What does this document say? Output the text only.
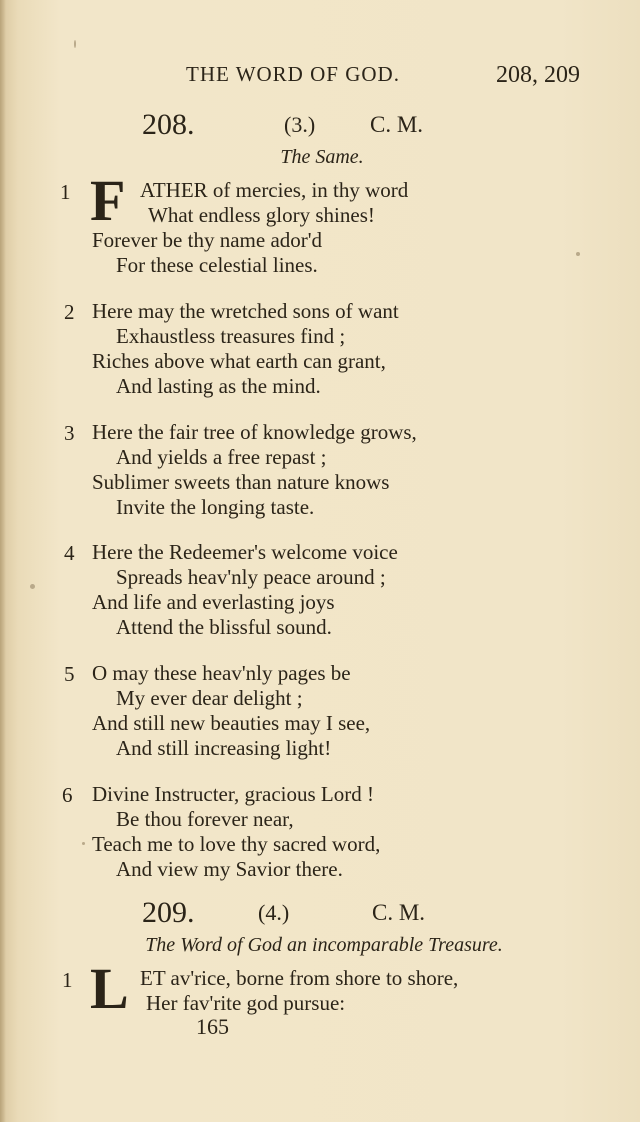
THE WORD OF GOD.	208, 209
208.	(3.) C. M.
The Same.
1 F ATHER of mercies, in thy word
What endless glory shines!
Forever be thy name ador'd
For these celestial lines.
2 Here may the wretched sons of want
Exhaustless treasures find ;
Riches above what earth can grant,
And lasting as the mind.
3 Here the fair tree of knowledge grows,
And yields a free repast ;
Sublimer sweets than nature knows
Invite the longing taste.
4 Here the Redeemer's welcome voice
Spreads heav'nly peace around ;
And life and everlasting joys
Attend the blissful sound.
5 O may these heav'nly pages be
My ever dear delight ;
And still new beauties may I see,
And still increasing light!
6 Divine Instructer, gracious Lord !
Be thou forever near,
Teach me to love thy sacred word,
And view my Savior there.
209.	(4.)	C. M.
The Word of God an incomparable Treasure.
1 L ET av'rice, borne from shore to shore,
Her fav'rite god pursue:
165
